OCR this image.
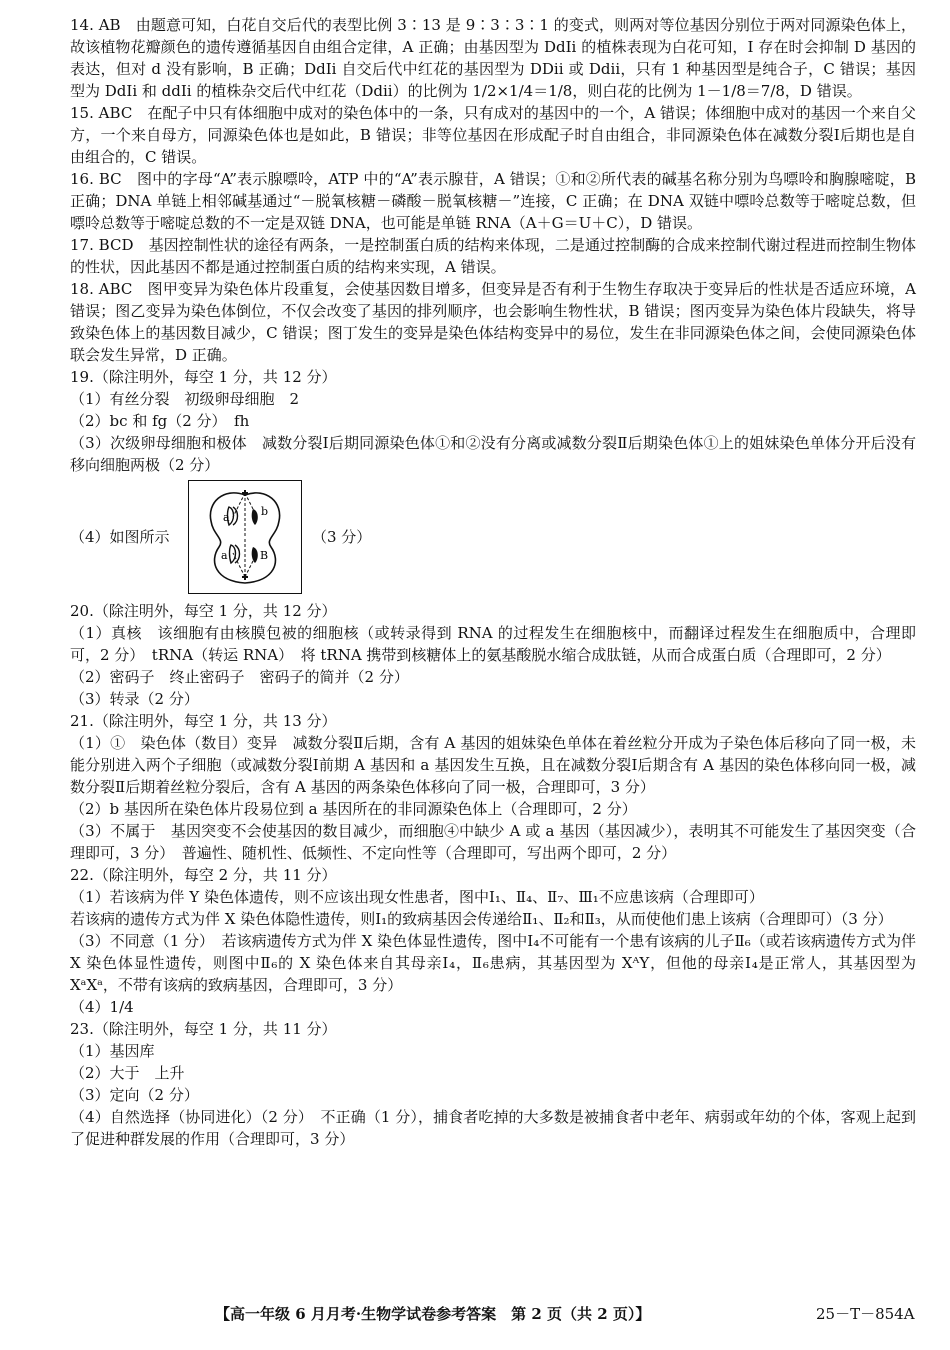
14. AB　由题意可知，白花自交后代的表型比例 3∶13 是 9∶3∶3∶1 的变式，则两对等位基因分别位于两对同源染色体上，故该植物花瓣颜色的遗传遵循基因自由组合定律，A 正确；由基因型为 DdIi 的植株表现为白花可知，I 存在时会抑制 D 基因的表达，但对 d 没有影响，B 正确；DdIi 自交后代中红花的基因型为 DDii 或 Ddii，只有 1 种基因型是纯合子，C 错误；基因型为 DdIi 和 ddIi 的植株杂交后代中红花（Ddii）的比例为 1/2×1/4＝1/8，则白花的比例为 1－1/8＝7/8，D 错误。

15. ABC　在配子中只有体细胞中成对的染色体中的一条，只有成对的基因中的一个，A 错误；体细胞中成对的基因一个来自父方，一个来自母方，同源染色体也是如此，B 错误；非等位基因在形成配子时自由组合，非同源染色体在减数分裂Ⅰ后期也是自由组合的，C 错误。

16. BC　图中的字母“A”表示腺嘌呤，ATP 中的“A”表示腺苷，A 错误；①和②所代表的碱基名称分别为鸟嘌呤和胸腺嘧啶，B 正确；DNA 单链上相邻碱基通过“－脱氧核糖－磷酸－脱氧核糖－”连接，C 正确；在 DNA 双链中嘌呤总数等于嘧啶总数，但嘌呤总数等于嘧啶总数的不一定是双链 DNA，也可能是单链 RNA（A＋G＝U＋C），D 错误。

17. BCD　基因控制性状的途径有两条，一是控制蛋白质的结构来体现，二是通过控制酶的合成来控制代谢过程进而控制生物体的性状，因此基因不都是通过控制蛋白质的结构来实现，A 错误。

18. ABC　图甲变异为染色体片段重复，会使基因数目增多，但变异是否有利于生物生存取决于变异后的性状是否适应环境，A 错误；图乙变异为染色体倒位，不仅会改变了基因的排列顺序，也会影响生物性状，B 错误；图丙变异为染色体片段缺失，将导致染色体上的基因数目减少，C 错误；图丁发生的变异是染色体结构变异中的易位，发生在非同源染色体之间，会使同源染色体联会发生异常，D 正确。

19.（除注明外，每空 1 分，共 12 分）

（1）有丝分裂　初级卵母细胞　2

（2）bc 和 fg（2 分）　fh

（3）次级卵母细胞和极体　减数分裂Ⅰ后期同源染色体①和②没有分离或减数分裂Ⅱ后期染色体①上的姐妹染色单体分开后没有移向细胞两极（2 分）

（4）如图所示
a	b
a	B
（3 分）

20.（除注明外，每空 1 分，共 12 分）

（1）真核　该细胞有由核膜包被的细胞核（或转录得到 RNA 的过程发生在细胞核中，而翻译过程发生在细胞质中，合理即可，2 分）　tRNA（转运 RNA）　将 tRNA 携带到核糖体上的氨基酸脱水缩合成肽链，从而合成蛋白质（合理即可，2 分）

（2）密码子　终止密码子　密码子的简并（2 分）

（3）转录（2 分）

21.（除注明外，每空 1 分，共 13 分）

（1）①　染色体（数目）变异　减数分裂Ⅱ后期，含有 A 基因的姐妹染色单体在着丝粒分开成为子染色体后移向了同一极，未能分别进入两个子细胞（或减数分裂Ⅰ前期 A 基因和 a 基因发生互换，且在减数分裂Ⅰ后期含有 A 基因的染色体移向同一极，减数分裂Ⅱ后期着丝粒分裂后，含有 A 基因的两条染色体移向了同一极，合理即可，3 分）

（2）b 基因所在染色体片段易位到 a 基因所在的非同源染色体上（合理即可，2 分）

（3）不属于　基因突变不会使基因的数目减少，而细胞④中缺少 A 或 a 基因（基因减少），表明其不可能发生了基因突变（合理即可，3 分）　普遍性、随机性、低频性、不定向性等（合理即可，写出两个即可，2 分）

22.（除注明外，每空 2 分，共 11 分）

（1）若该病为伴 Y 染色体遗传，则不应该出现女性患者，图中Ⅰ₁、Ⅱ₄、Ⅱ₇、Ⅲ₁不应患该病（合理即可）

若该病的遗传方式为伴 X 染色体隐性遗传，则Ⅰ₁的致病基因会传递给Ⅱ₁、Ⅱ₂和Ⅱ₃，从而使他们患上该病（合理即可）（3 分）

（3）不同意（1 分）　若该病遗传方式为伴 X 染色体显性遗传，图中Ⅰ₄不可能有一个患有该病的儿子Ⅱ₆（或若该病遗传方式为伴 X 染色体显性遗传，则图中Ⅱ₆的 X 染色体来自其母亲Ⅰ₄，Ⅱ₆患病，其基因型为 XᴬY，但他的母亲Ⅰ₄是正常人，其基因型为 XᵃXᵃ，不带有该病的致病基因，合理即可，3 分）

（4）1/4

23.（除注明外，每空 1 分，共 11 分）

（1）基因库

（2）大于　上升

（3）定向（2 分）

（4）自然选择（协同进化）（2 分）　不正确（1 分），捕食者吃掉的大多数是被捕食者中老年、病弱或年幼的个体，客观上起到了促进种群发展的作用（合理即可，3 分）

【高一年级 6 月月考·生物学试卷参考答案　第 2 页（共 2 页）】	25－T－854A
